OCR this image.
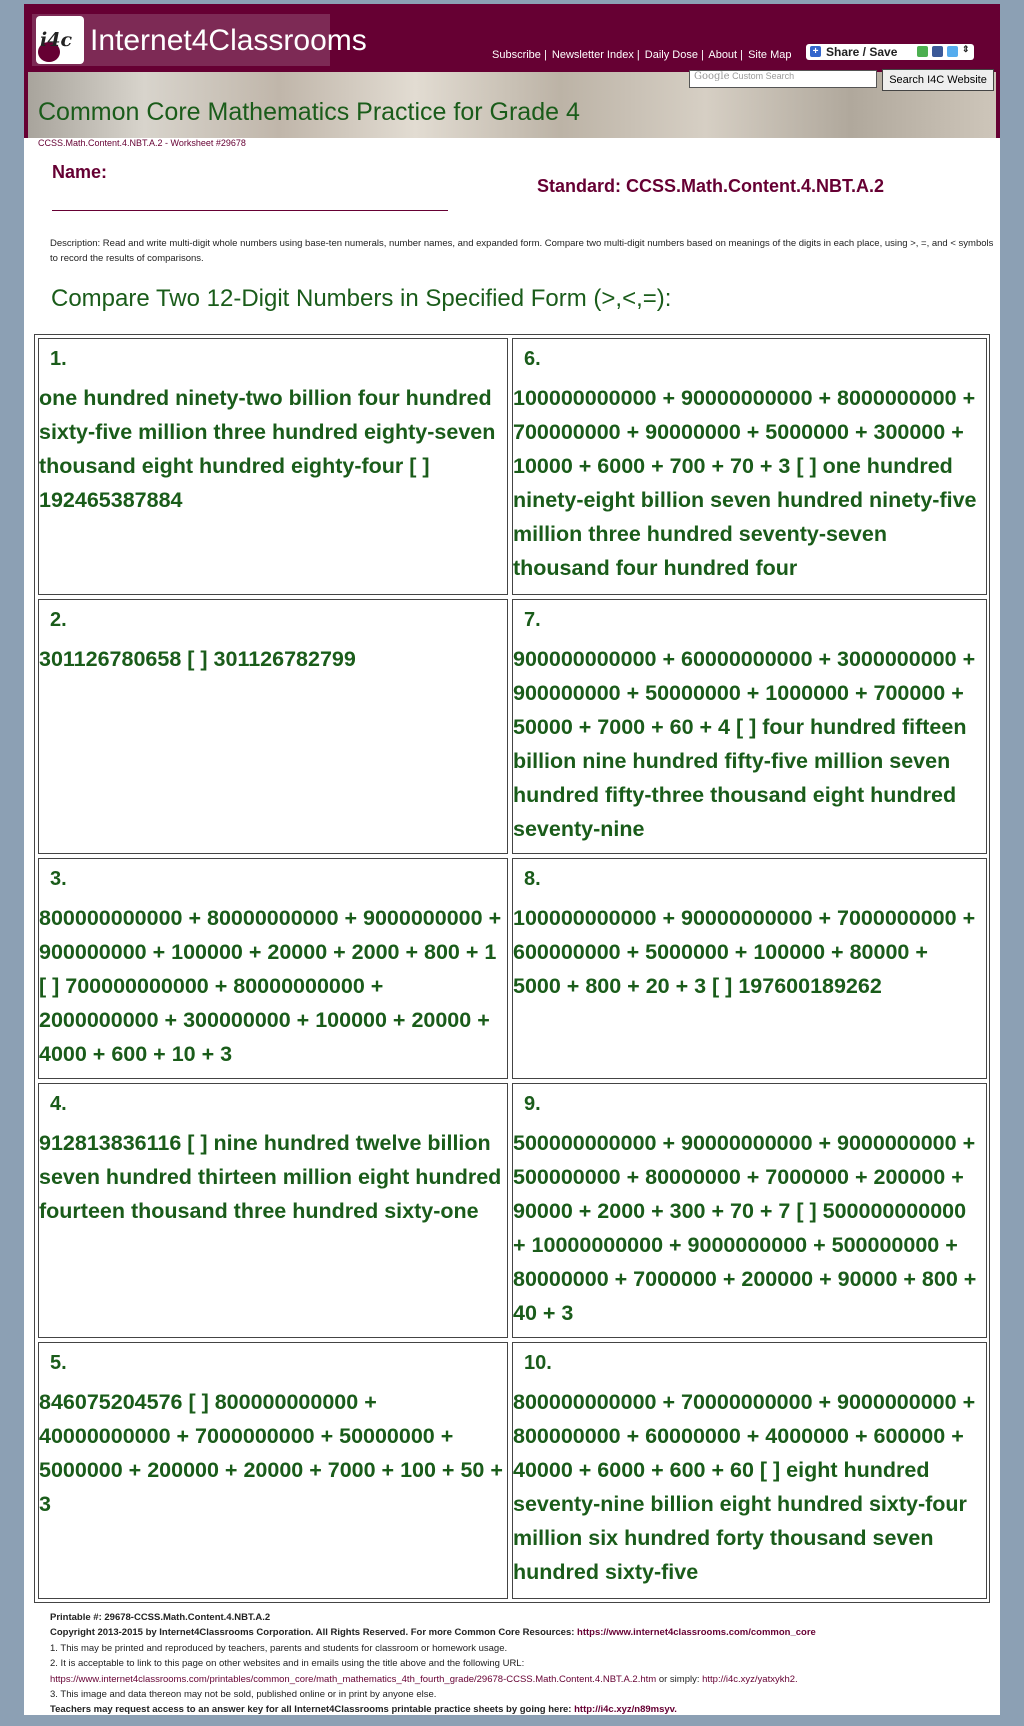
i4c Internet4Classrooms	Subscribe | Newsletter Index | Daily Dose | About | Site Map + Share / Save	⇕
Google Custom Search	Search I4C Website
Common Core Mathematics Practice for Grade 4
CCSS.Math.Content.4.NBT.A.2 - Worksheet #29678
Name:
Standard: CCSS.Math.Content.4.NBT.A.2
Description: Read and write multi-digit whole numbers using base-ten numerals, number names, and expanded form. Compare two multi-digit numbers based on meanings of the digits in each place, using >, =, and < symbols to record the results of comparisons.
Compare Two 12-Digit Numbers in Specified Form (>,<,=):
1.
one hundred ninety-two billion four hundred
sixty-five million three hundred eighty-seven
thousand eight hundred eighty-four [ ]
192465387884
2.
301126780658 [ ] 301126782799
3.
800000000000 + 80000000000 + 9000000000 +
900000000 + 100000 + 20000 + 2000 + 800 + 1
[ ] 700000000000 + 80000000000 +
2000000000 + 300000000 + 100000 + 20000 +
4000 + 600 + 10 + 3
4.
912813836116 [ ] nine hundred twelve billion
seven hundred thirteen million eight hundred
fourteen thousand three hundred sixty-one
5.
846075204576 [ ] 800000000000 +
40000000000 + 7000000000 + 50000000 +
5000000 + 200000 + 20000 + 7000 + 100 + 50 +
3
6.
100000000000 + 90000000000 + 8000000000 +
700000000 + 90000000 + 5000000 + 300000 +
10000 + 6000 + 700 + 70 + 3 [ ] one hundred
ninety-eight billion seven hundred ninety-five
million three hundred seventy-seven
thousand four hundred four
7.
900000000000 + 60000000000 + 3000000000 +
900000000 + 50000000 + 1000000 + 700000 +
50000 + 7000 + 60 + 4 [ ] four hundred fifteen
billion nine hundred fifty-five million seven
hundred fifty-three thousand eight hundred
seventy-nine
8.
100000000000 + 90000000000 + 7000000000 +
600000000 + 5000000 + 100000 + 80000 +
5000 + 800 + 20 + 3 [ ] 197600189262
9.
500000000000 + 90000000000 + 9000000000 +
500000000 + 80000000 + 7000000 + 200000 +
90000 + 2000 + 300 + 70 + 7 [ ] 500000000000
+ 10000000000 + 9000000000 + 500000000 +
80000000 + 7000000 + 200000 + 90000 + 800 +
40 + 3
10.
800000000000 + 70000000000 + 9000000000 +
800000000 + 60000000 + 4000000 + 600000 +
40000 + 6000 + 600 + 60 [ ] eight hundred
seventy-nine billion eight hundred sixty-four
million six hundred forty thousand seven
hundred sixty-five
Printable #: 29678-CCSS.Math.Content.4.NBT.A.2
Copyright 2013-2015 by Internet4Classrooms Corporation. All Rights Reserved. For more Common Core Resources: https://www.internet4classrooms.com/common_core
1. This may be printed and reproduced by teachers, parents and students for classroom or homework usage.
2. It is acceptable to link to this page on other websites and in emails using the title above and the following URL:
https://www.internet4classrooms.com/printables/common_core/math_mathematics_4th_fourth_grade/29678-CCSS.Math.Content.4.NBT.A.2.htm or simply: http://i4c.xyz/yatxykh2.
3. This image and data thereon may not be sold, published online or in print by anyone else.
Teachers may request access to an answer key for all Internet4Classrooms printable practice sheets by going here: http://i4c.xyz/n89msyv.
